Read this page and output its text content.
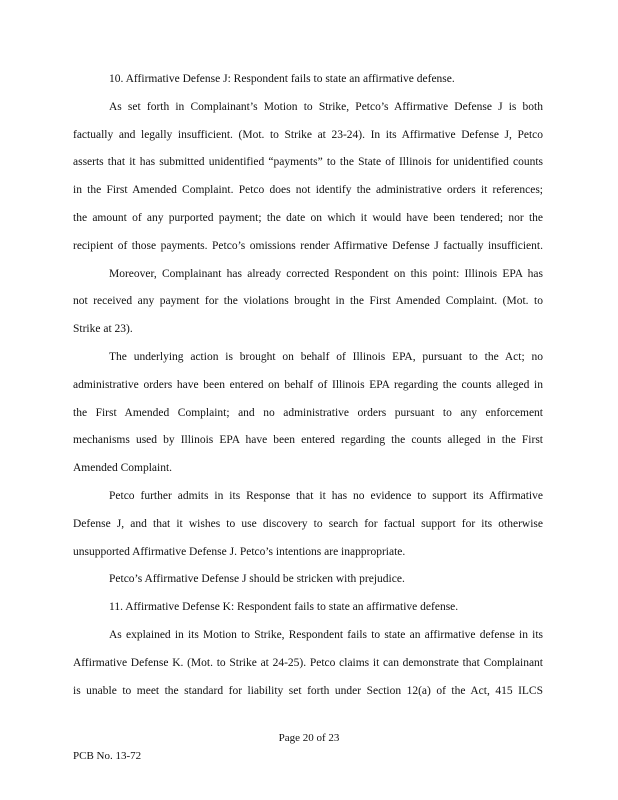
10. Affirmative Defense J: Respondent fails to state an affirmative defense.
As set forth in Complainant’s Motion to Strike, Petco’s Affirmative Defense J is both
factually and legally insufficient. (Mot. to Strike at 23-24). In its Affirmative Defense J, Petco
asserts that it has submitted unidentified “payments” to the State of Illinois for unidentified counts
in the First Amended Complaint. Petco does not identify the administrative orders it references;
the amount of any purported payment; the date on which it would have been tendered; nor the
recipient of those payments. Petco’s omissions render Affirmative Defense J factually insufficient.
Moreover, Complainant has already corrected Respondent on this point: Illinois EPA has
not received any payment for the violations brought in the First Amended Complaint. (Mot. to
Strike at 23).
The underlying action is brought on behalf of Illinois EPA, pursuant to the Act; no
administrative orders have been entered on behalf of Illinois EPA regarding the counts alleged in
the First Amended Complaint; and no administrative orders pursuant to any enforcement
mechanisms used by Illinois EPA have been entered regarding the counts alleged in the First
Amended Complaint.
Petco further admits in its Response that it has no evidence to support its Affirmative
Defense J, and that it wishes to use discovery to search for factual support for its otherwise
unsupported Affirmative Defense J. Petco’s intentions are inappropriate.
Petco’s Affirmative Defense J should be stricken with prejudice.
11. Affirmative Defense K: Respondent fails to state an affirmative defense.
As explained in its Motion to Strike, Respondent fails to state an affirmative defense in its
Affirmative Defense K. (Mot. to Strike at 24-25). Petco claims it can demonstrate that Complainant
is unable to meet the standard for liability set forth under Section 12(a) of the Act, 415 ILCS
Page 20 of 23
PCB No. 13-72
